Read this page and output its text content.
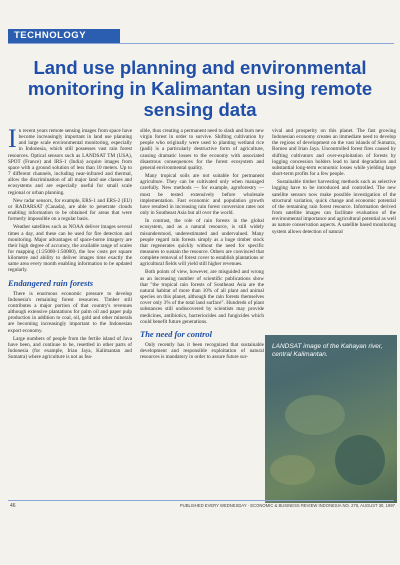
TECHNOLOGY
Land use planning and environmental monitoring in Kalimantan using remote sensing data

In recent years remote sensing images from space have become increasingly important in land use planning and large scale environmental monitoring, especially in Indonesia, which still possesses vast rain forest resources. Optical sensors such as LANDSAT TM (USA), SPOT (France) and IRS-1 (India) acquire images from space with a ground solution of less than 10 meters. Up to 7 different channels, including near-infrared and thermal, allow the discrimination of all major land use classes and ecosystems and are especially useful for small scale regional or urban planning.

New radar sensors, for example, ERS-1 and ERS-2 (EU) or RADARSAT (Canada), are able to penetrate clouds enabling information to be obtained for areas that were formerly impossible on a regular basis.

Weather satellites such as NOAA deliver images several times a day, and these can be used for fire detection and monitoring. Major advantages of space-borne imagery are their high degree of accuracy, the available range of scales for mapping (1:25000-1:50000), the low costs per square kilometre and ability to deliver images time exactly the same area every month enabling information to be updated regularly.

Endangered rain forests

There is enormous economic pressure to develop Indonesia's remaining forest resources. Timber still contributes a major portion of that country's revenues although extensive plantations for palm oil and paper pulp production in addition to coal, oil, gold and other minerals are becoming increasingly important to the Indonesian export economy.

Large numbers of people from the fertile island of Java have been, and continue to be, resettled in other parts of Indonesia (for example, Irian Jaya, Kalimantan and Sumatra) where agriculture is not as fea-

sible, thus creating a permanent need to slash and burn new virgin forest in order to survive. Shifting cultivation by people who originally were used to planting wetland rice (padi) is a particularly destructive form of agriculture, causing dramatic losses to the economy with associated disastrous consequences for the forest ecosystem and general environmental quality.

Many tropical soils are not suitable for permanent agriculture. They can be cultivated only when managed carefully. New methods — for example, agroforestry — must be tested extensively before wholesale implementation. Fast economic and population growth have resulted in increasing rain forest conversion rates not only in Southeast Asia but all over the world.

In contrast, the role of rain forests in the global ecosystem, and as a natural resource, is still widely misunderstood, underestimated and undervalued. Many people regard rain forests simply as a huge timber stock that regenerates quickly without the need for specific measures to sustain the resource. Others are convinced that complete removal of forest cover to establish plantations or agricultural fields will yield still higher revenues.

Both points of view, however, are misguided and wrong as an increasing number of scientific publications show that "the tropical rain forests of Southeast Asia are the natural habitat of more than 10% of all plant and animal species on this planet, although the rain forests themselves cover only 3% of the total land surface". Hundreds of plant substances still undiscovered by scientists may provide medicines, antibiotics, bacteriocides and fungicides which could benefit future generations.

The need for control

Only recently has it been recognized that sustainable development and responsible exploitation of natural resources is mandatory in order to assure future sur-

vival and prosperity on this planet. The fast growing Indonesian economy creates an immediate need to develop the regions of development on the vast islands of Sumatra, Borneo and Irian Jaya. Uncontrolled forest fires caused by shifting cultivators and over-exploitation of forests by logging concession holders lead to land degradation and substantial long-term economic losses while yielding large short-term profits for a few people.

Sustainable timber harvesting methods such as selective logging have to be introduced and controlled. The new satellite sensors now make possible investigation of the structural variation, quick change and economic potential of the remaining rain forest resource. Information derived from satellite images can facilitate evaluation of the environmental importance and agricultural potential as well as nature conservation aspects. A satellite based monitoring system allows detection of natural

LANDSAT image of the Kahayan river, central Kalimantan.
46	PUBLISHED EVERY WEDNESDAY · ECONOMIC & BUSINESS REVIEW INDONESIA NO. 278, AUGUST 30, 1997
